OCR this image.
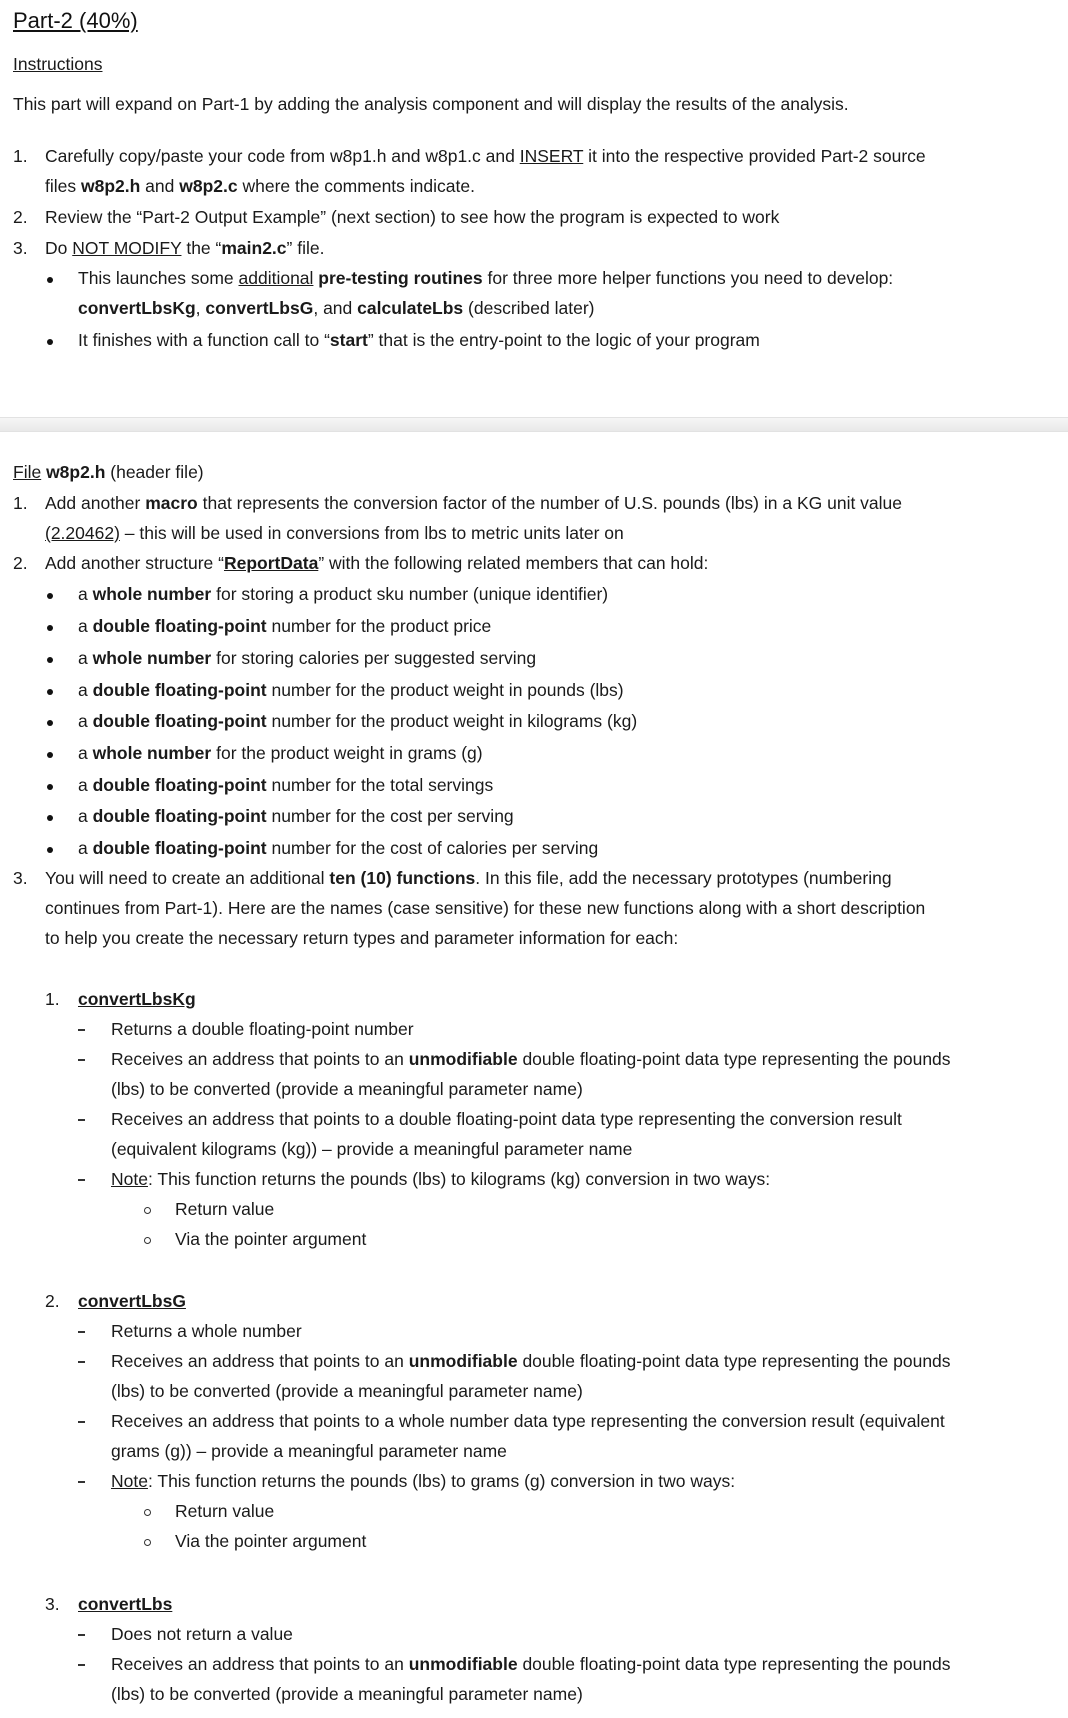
Part-2 (40%)
Instructions
This part will expand on Part-1 by adding the analysis component and will display the results of the analysis.
1. Carefully copy/paste your code from w8p1.h and w8p1.c and INSERT it into the respective provided Part-2 source
files w8p2.h and w8p2.c where the comments indicate.
2. Review the “Part-2 Output Example” (next section) to see how the program is expected to work
3. Do NOT MODIFY the “main2.c” file.
This launches some additional pre-testing routines for three more helper functions you need to develop:
convertLbsKg, convertLbsG, and calculateLbs (described later)
It finishes with a function call to “start” that is the entry-point to the logic of your program
File w8p2.h (header file)
1. Add another macro that represents the conversion factor of the number of U.S. pounds (lbs) in a KG unit value
(2.20462) – this will be used in conversions from lbs to metric units later on
2. Add another structure “ReportData” with the following related members that can hold:
a whole number for storing a product sku number (unique identifier)
a double floating-point number for the product price
a whole number for storing calories per suggested serving
a double floating-point number for the product weight in pounds (lbs)
a double floating-point number for the product weight in kilograms (kg)
a whole number for the product weight in grams (g)
a double floating-point number for the total servings
a double floating-point number for the cost per serving
a double floating-point number for the cost of calories per serving
3. You will need to create an additional ten (10) functions. In this file, add the necessary prototypes (numbering
continues from Part-1). Here are the names (case sensitive) for these new functions along with a short description
to help you create the necessary return types and parameter information for each:
1. convertLbsKg
Returns a double floating-point number
Receives an address that points to an unmodifiable double floating-point data type representing the pounds
(lbs) to be converted (provide a meaningful parameter name)
Receives an address that points to a double floating-point data type representing the conversion result
(equivalent kilograms (kg)) – provide a meaningful parameter name
Note: This function returns the pounds (lbs) to kilograms (kg) conversion in two ways:
Return value
Via the pointer argument
2. convertLbsG
Returns a whole number
Receives an address that points to an unmodifiable double floating-point data type representing the pounds
(lbs) to be converted (provide a meaningful parameter name)
Receives an address that points to a whole number data type representing the conversion result (equivalent
grams (g)) – provide a meaningful parameter name
Note: This function returns the pounds (lbs) to grams (g) conversion in two ways:
Return value
Via the pointer argument
3. convertLbs
Does not return a value
Receives an address that points to an unmodifiable double floating-point data type representing the pounds
(lbs) to be converted (provide a meaningful parameter name)
